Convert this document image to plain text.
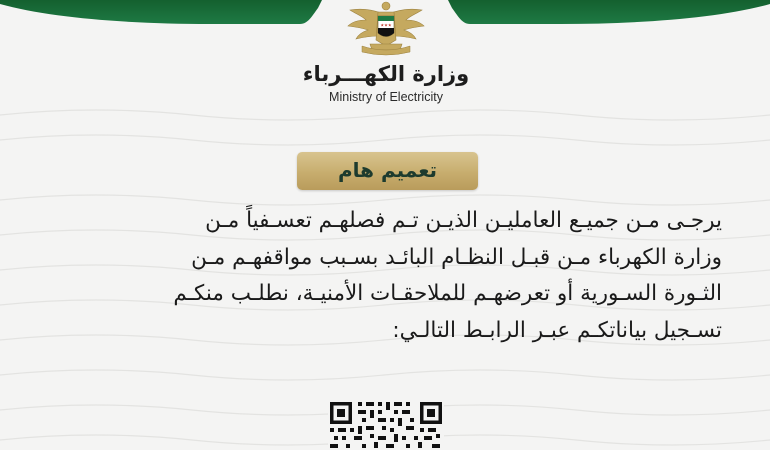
★★★
وزارة الكهـــرباء
Ministry of Electricity
تعميم هام
يرجـى مـن جميـع العامليـن الذيـن تـم فصلهـم تعسـفياً مـن
وزارة الكهرباء مـن قبـل النظـام البائـد بسـبب مواقفهـم مـن
الثـورة السـورية أو تعرضهـم للملاحقـات الأمنيـة، نطلـب منكـم
تسـجيل بياناتكـم عبـر الرابـط التالـي:
